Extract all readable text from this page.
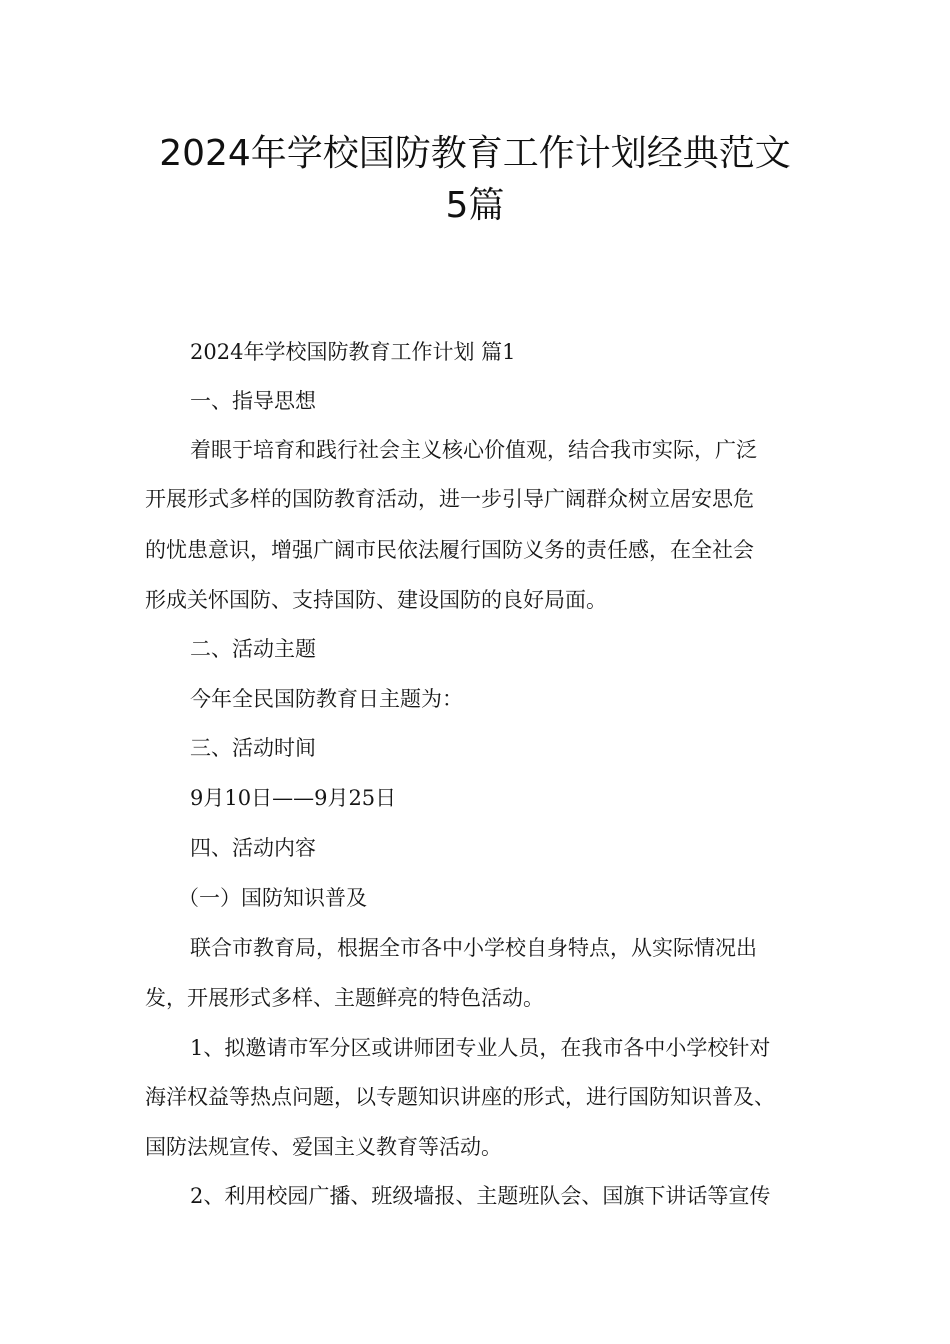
2024年学校国防教育工作计划经典范文
5篇
2024年学校国防教育工作计划 篇1
一、指导思想
着眼于培育和践行社会主义核心价值观，结合我市实际，广泛
开展形式多样的国防教育活动，进一步引导广阔群众树立居安思危
的忧患意识，增强广阔市民依法履行国防义务的责任感，在全社会
形成关怀国防、支持国防、建设国防的良好局面。
二、活动主题
今年全民国防教育日主题为：
三、活动时间
9月10日——9月25日
四、活动内容
（一）国防知识普及
联合市教育局，根据全市各中小学校自身特点，从实际情况出
发，开展形式多样、主题鲜亮的特色活动。
1、拟邀请市军分区或讲师团专业人员，在我市各中小学校针对
海洋权益等热点问题，以专题知识讲座的形式，进行国防知识普及、
国防法规宣传、爱国主义教育等活动。
2、利用校园广播、班级墙报、主题班队会、国旗下讲话等宣传
